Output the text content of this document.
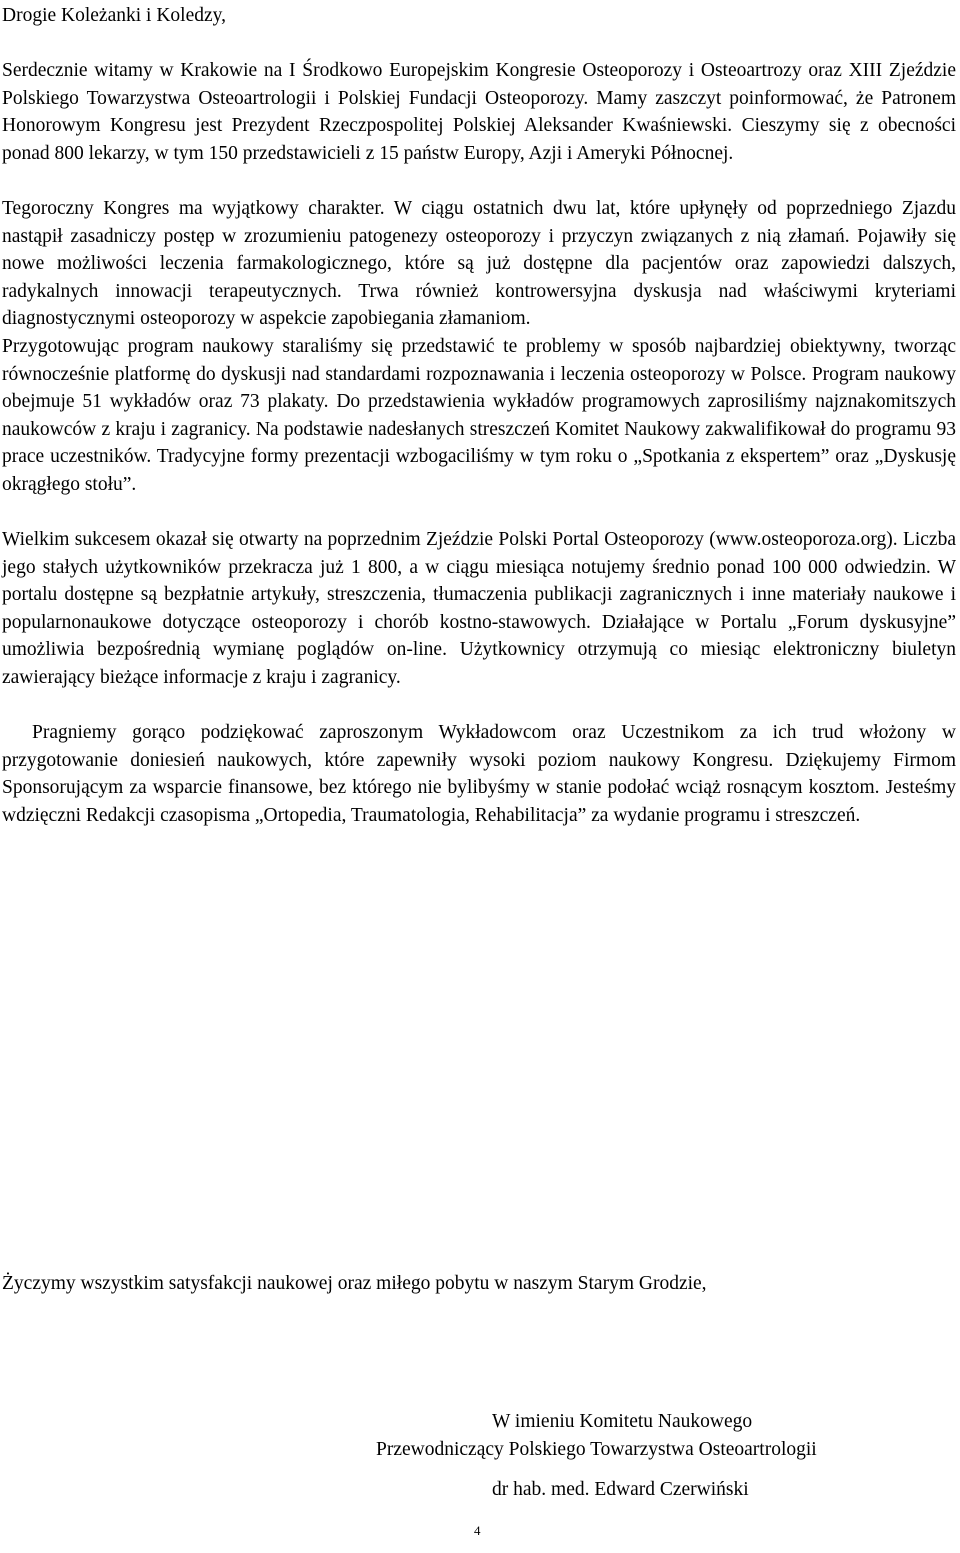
Drogie Koleżanki i Koledzy,

Serdecznie witamy w Krakowie na I Środkowo Europejskim Kongresie Osteoporozy i Osteoartrozy oraz XIII Zjeździe Polskiego Towarzystwa Osteoartrologii i Polskiej Fundacji Osteoporozy. Mamy zaszczyt poinformować, że Patronem Honorowym Kongresu jest Prezydent Rzeczpospolitej Polskiej Aleksander Kwaśniewski. Cieszymy się z obecności ponad 800 lekarzy, w tym 150 przedstawicieli z 15 państw Europy, Azji i Ameryki Północnej.

Tegoroczny Kongres ma wyjątkowy charakter. W ciągu ostatnich dwu lat, które upłynęły od poprzedniego Zjazdu nastąpił zasadniczy postęp w zrozumieniu patogenezy osteoporozy i przyczyn związanych z nią złamań. Pojawiły się nowe możliwości leczenia farmakologicznego, które są już dostępne dla pacjentów oraz zapowiedzi dalszych, radykalnych innowacji terapeutycznych. Trwa również kontrowersyjna dyskusja nad właściwymi kryteriami diagnostycznymi osteoporozy w aspekcie zapobiegania złamaniom.

Przygotowując program naukowy staraliśmy się przedstawić te problemy w sposób najbardziej obiektywny, tworząc równocześnie platformę do dyskusji nad standardami rozpoznawania i leczenia osteoporozy w Polsce. Program naukowy obejmuje 51 wykładów oraz 73 plakaty. Do przedstawienia wykładów programowych zaprosiliśmy najznakomitszych naukowców z kraju i zagranicy. Na podstawie nadesłanych streszczeń Komitet Naukowy zakwalifikował do programu 93 prace uczestników. Tradycyjne formy prezentacji wzbogaciliśmy w tym roku o „Spotkania z ekspertem” oraz „Dyskusję okrągłego stołu”.

Wielkim sukcesem okazał się otwarty na poprzednim Zjeździe Polski Portal Osteoporozy (www.osteoporoza.org). Liczba jego stałych użytkowników przekracza już 1 800, a w ciągu miesiąca notujemy średnio ponad 100 000 odwiedzin. W portalu dostępne są bezpłatnie artykuły, streszczenia, tłumaczenia publikacji zagranicznych i inne materiały naukowe i popularnonaukowe dotyczące osteoporozy i chorób kostno-stawowych. Działające w Portalu „Forum dyskusyjne” umożliwia bezpośrednią wymianę poglądów on-line. Użytkownicy otrzymują co miesiąc elektroniczny biuletyn zawierający bieżące informacje z kraju i zagranicy.

Pragniemy gorąco podziękować zaproszonym Wykładowcom oraz Uczestnikom za ich trud włożony w przygotowanie doniesień naukowych, które zapewniły wysoki poziom naukowy Kongresu. Dziękujemy Firmom Sponsorującym za wsparcie finansowe, bez którego nie bylibyśmy w stanie podołać wciąż rosnącym kosztom. Jesteśmy wdzięczni Redakcji czasopisma „Ortopedia, Traumatologia, Rehabilitacja” za wydanie programu i streszczeń.

Życzymy wszystkim satysfakcji naukowej oraz miłego pobytu w naszym Starym Grodzie,

W imieniu Komitetu Naukowego

Przewodniczący Polskiego Towarzystwa Osteoartrologii

dr hab. med. Edward Czerwiński

4
